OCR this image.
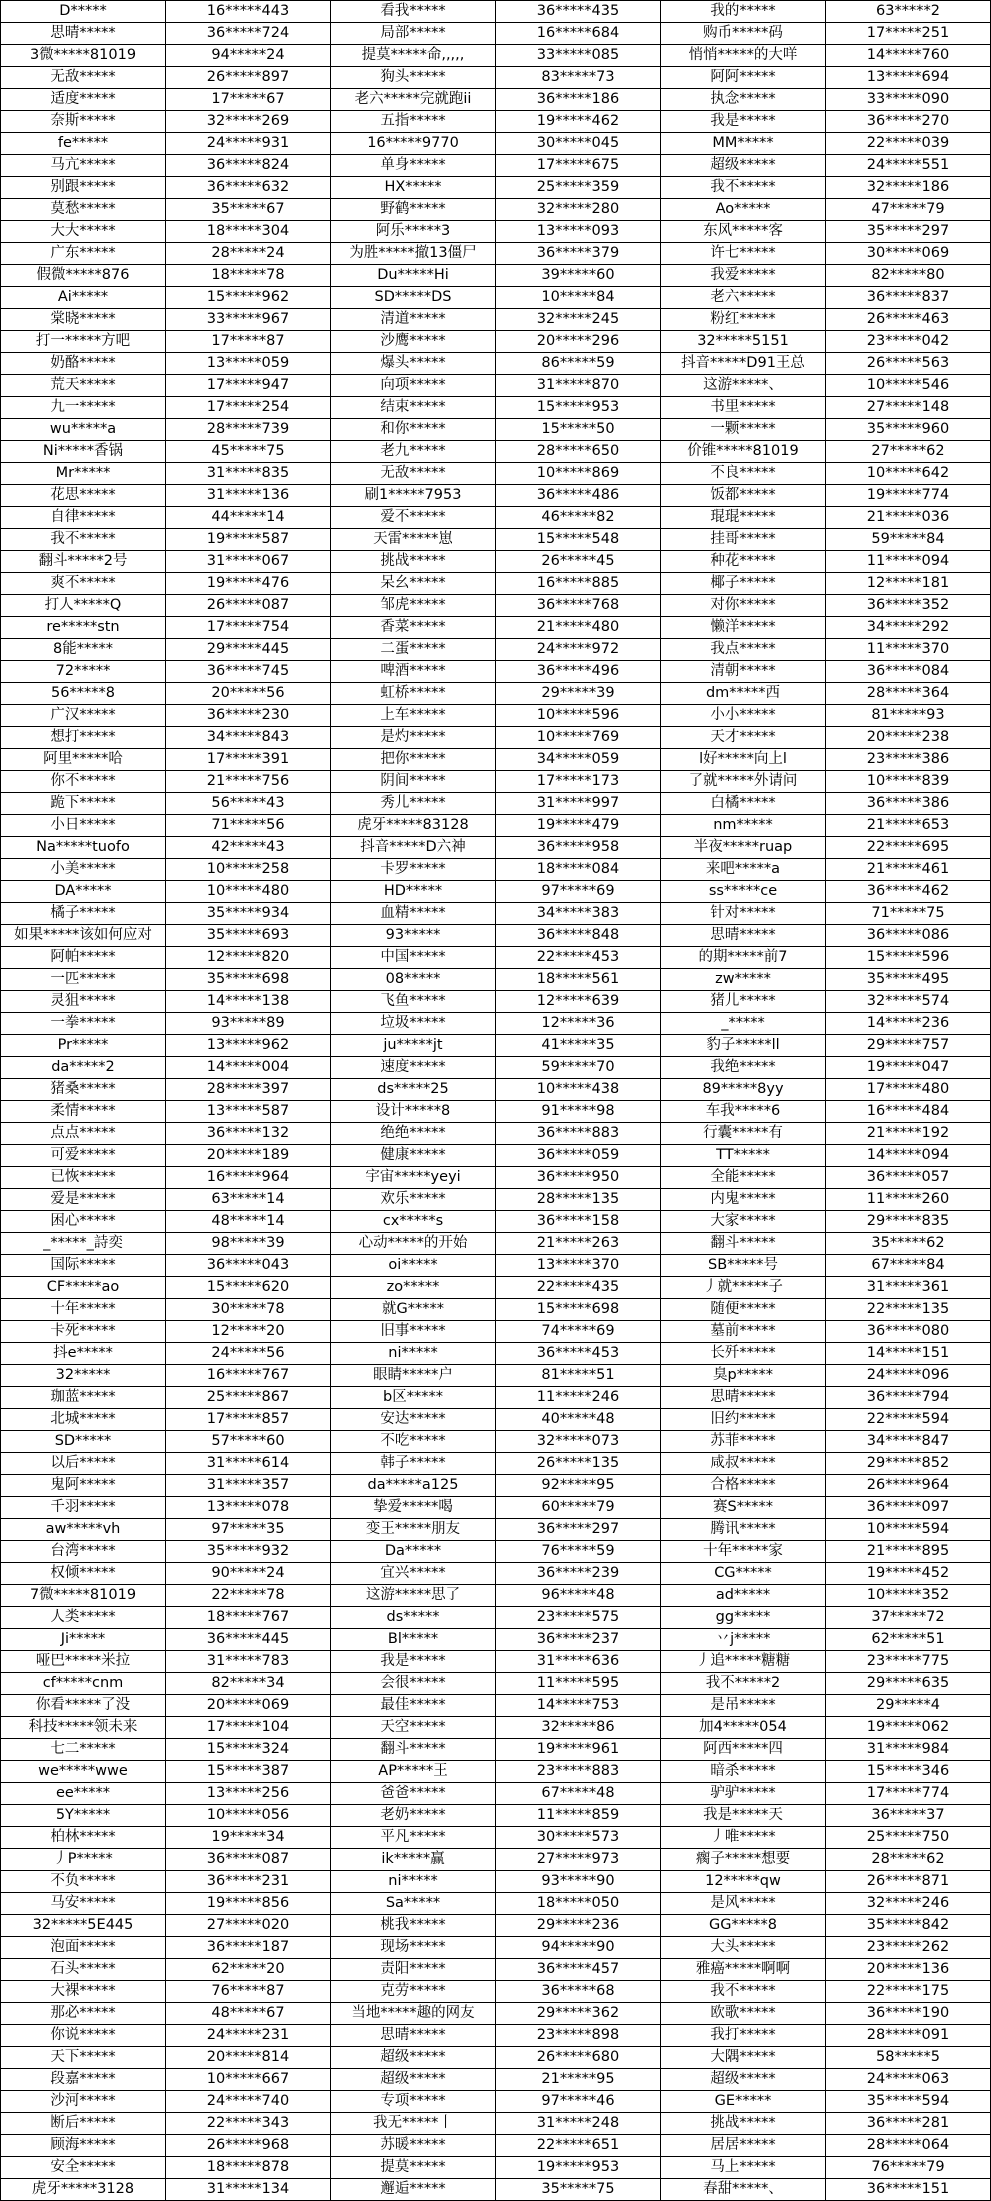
D*****	16*****443	看我*****	36*****435	我的*****	63*****2
思晴*****	36*****724	局部*****	16*****684	购币*****码	17*****251
3微*****81019	94*****24	提莫*****命,,,,,	33*****085	悄悄*****的大咩	14*****760
无敌*****	26*****897	狗头*****	83*****73	阿阿*****	13*****694
适度*****	17*****67	老六*****完就跑ii	36*****186	执念*****	33*****090
奈斯*****	32*****269	五指*****	19*****462	我是*****	36*****270
fe*****	24*****931	16*****9770	30*****045	MM*****	22*****039
马亢*****	36*****824	单身*****	17*****675	超级*****	24*****551
别跟*****	36*****632	HX*****	25*****359	我不*****	32*****186
莫愁*****	35*****67	野鹤*****	32*****280	Ao*****	47*****79
大大*****	18*****304	阿乐*****3	13*****093	东风*****客	35*****297
广东*****	28*****24	为胜*****撤13僵尸	36*****379	许七*****	30*****069
假微*****876	18*****78	Du*****Hi	39*****60	我爱*****	82*****80
Ai*****	15*****962	SD*****DS	10*****84	老六*****	36*****837
棠晓*****	33*****967	清道*****	32*****245	粉红*****	26*****463
打一*****方吧	17*****87	沙鹰*****	20*****296	32*****5151	23*****042
奶酪*****	13*****059	爆头*****	86*****59	抖音*****D91王总	26*****563
荒天*****	17*****947	向项*****	31*****870	这游*****、	10*****546
九一*****	17*****254	结束*****	15*****953	书里*****	27*****148
wu*****a	28*****739	和你*****	15*****50	一颗*****	35*****960
Ni*****香锅	45*****75	老九*****	28*****650	价锥*****81019	27*****62
Mr*****	31*****835	无敌*****	10*****869	不良*****	10*****642
花思*****	31*****136	刷1*****7953	36*****486	饭都*****	19*****774
自律*****	44*****14	爱不*****	46*****82	琨琨*****	21*****036
我不*****	19*****587	天雷*****崽	15*****548	挂哥*****	59*****84
翻斗*****2号	31*****067	挑战*****	26*****45	种花*****	11*****094
爽不*****	19*****476	呆幺*****	16*****885	椰子*****	12*****181
打人*****Q	26*****087	邹虎*****	36*****768	对你*****	36*****352
re*****stn	17*****754	香菜*****	21*****480	懒洋*****	34*****292
8能*****	29*****445	二蛋*****	24*****972	我点*****	11*****370
72*****	36*****745	啤酒*****	36*****496	清朝*****	36*****084
56*****8	20*****56	虹桥*****	29*****39	dm*****西	28*****364
广汉*****	36*****230	上车*****	10*****596	小小*****	81*****93
想打*****	34*****843	是灼*****	10*****769	天才*****	20*****238
阿里*****哈	17*****391	把你*****	34*****059	l好*****向上l	23*****386
你不*****	21*****756	阴间*****	17*****173	了就*****外请问	10*****839
跪下*****	56*****43	秀儿*****	31*****997	白橘*****	36*****386
小日*****	71*****56	虎牙*****83128	19*****479	nm*****	21*****653
Na*****tuofo	42*****43	抖音*****D六神	36*****958	半夜*****ruap	22*****695
小美*****	10*****258	卡罗*****	18*****084	来吧*****a	21*****461
DA*****	10*****480	HD*****	97*****69	ss*****ce	36*****462
橘子*****	35*****934	血精*****	34*****383	针对*****	71*****75
如果*****该如何应对	35*****693	93*****	36*****848	思晴*****	36*****086
阿帕*****	12*****820	中国*****	22*****453	的期*****前7	15*****596
一匹*****	35*****698	08*****	18*****561	zw*****	35*****495
灵狙*****	14*****138	飞鱼*****	12*****639	猪儿*****	32*****574
一拳*****	93*****89	垃圾*****	12*****36	_*****	14*****236
Pr*****	13*****962	ju*****jt	41*****35	豹子*****ll	29*****757
da*****2	14*****004	速度*****	59*****70	我绝*****	19*****047
猪桑*****	28*****397	ds*****25	10*****438	89*****8yy	17*****480
柔情*****	13*****587	设计*****8	91*****98	车我*****6	16*****484
点点*****	36*****132	绝绝*****	36*****883	行囊*****有	21*****192
可爱*****	20*****189	健康*****	36*****059	TT*****	14*****094
已恢*****	16*****964	宇宙*****yeyi	36*****950	全能*****	36*****057
爱是*****	63*****14	欢乐*****	28*****135	内鬼*****	11*****260
困心*****	48*****14	cx*****s	36*****158	大家*****	29*****835
_*****_詩奕	98*****39	心动*****的开始	21*****263	翻斗*****	35*****62
国际*****	36*****043	oi*****	13*****370	SB*****号	67*****84
CF*****ao	15*****620	zo*****	22*****435	丿就*****子	31*****361
十年*****	30*****78	就G*****	15*****698	随便*****	22*****135
卡死*****	12*****20	旧事*****	74*****69	墓前*****	36*****080
抖e*****	24*****56	ni*****	36*****453	长歼*****	14*****151
32*****	16*****767	眼睛*****户	81*****51	臭p*****	24*****096
珈蓝*****	25*****867	b区*****	11*****246	思晴*****	36*****794
北城*****	17*****857	安达*****	40*****48	旧约*****	22*****594
SD*****	57*****60	不吃*****	32*****073	苏菲*****	34*****847
以后*****	31*****614	韩子*****	26*****135	咸叔*****	29*****852
鬼阿*****	31*****357	da*****a125	92*****95	合格*****	26*****964
千羽*****	13*****078	挚爱*****喝	60*****79	赛S*****	36*****097
aw*****vh	97*****35	变王*****朋友	36*****297	腾讯*****	10*****594
台湾*****	35*****932	Da*****	76*****59	十年*****家	21*****895
权倾*****	90*****24	宜兴*****	36*****239	CG*****	19*****452
7微*****81019	22*****78	这游*****思了	96*****48	ad*****	10*****352
人类*****	18*****767	ds*****	23*****575	gg*****	37*****72
Ji*****	36*****445	Bl*****	36*****237	丷j*****	62*****51
哑巴*****米拉	31*****783	我是*****	31*****636	丿追*****糖糖	23*****775
cf*****cnm	82*****34	会很*****	11*****595	我不*****2	29*****635
你看*****了没	20*****069	最佳*****	14*****753	是吊*****	29*****4
科技*****领未来	17*****104	天空*****	32*****86	加4*****054	19*****062
七二*****	15*****324	翻斗*****	19*****961	阿西*****四	31*****984
we*****wwe	15*****387	AP*****王	23*****883	暗杀*****	15*****346
ee*****	13*****256	爸爸*****	67*****48	驴驴*****	17*****774
5Y*****	10*****056	老奶*****	11*****859	我是*****天	36*****37
柏林*****	19*****34	平凡*****	30*****573	丿唯*****	25*****750
丿P*****	36*****087	ik*****赢	27*****973	瘸子*****想要	28*****62
不负*****	36*****231	ni*****	93*****90	12*****qw	26*****871
马安*****	19*****856	Sa*****	18*****050	是风*****	32*****246
32*****5E445	27*****020	桃我*****	29*****236	GG*****8	35*****842
泡面*****	36*****187	现场*****	94*****90	大头*****	23*****262
石头*****	62*****20	责阳*****	36*****457	雅癌*****啊啊	20*****136
大裸*****	76*****87	克劳*****	36*****68	我不*****	22*****175
那必*****	48*****67	当地*****趣的网友	29*****362	欧歌*****	36*****190
你说*****	24*****231	思晴*****	23*****898	我打*****	28*****091
天下*****	20*****814	超级*****	26*****680	大隅*****	58*****5
段嘉*****	10*****667	超级*****	21*****95	超级*****	24*****063
沙河*****	24*****740	专项*****	97*****46	GE*****	35*****594
断后*****	22*****343	我无*****丨	31*****248	挑战*****	36*****281
顾海*****	26*****968	苏暖*****	22*****651	居居*****	28*****064
安全*****	18*****878	提莫*****	19*****953	马上*****	76*****79
虎牙*****3128	31*****134	邂逅*****	35*****75	春甜*****、	36*****151
